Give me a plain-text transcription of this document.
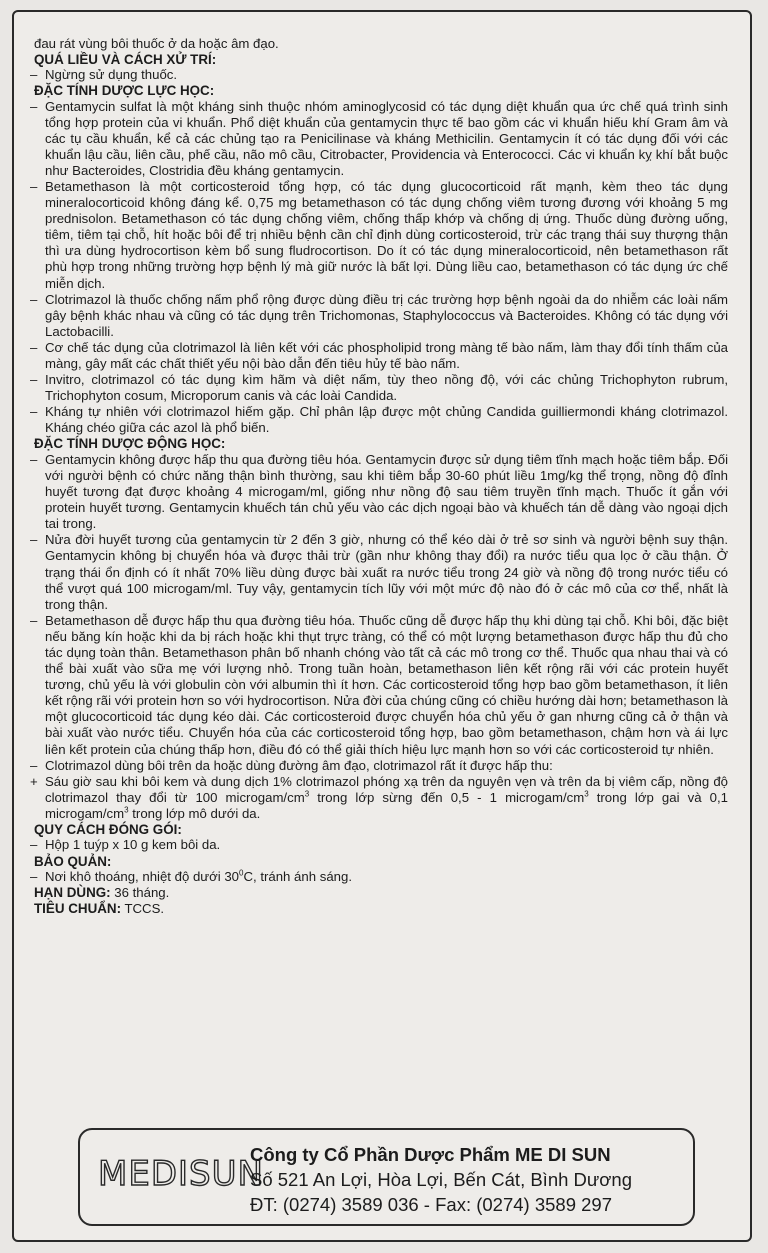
đau rát vùng bôi thuốc ở da hoặc âm đạo.
QUÁ LIỀU VÀ CÁCH XỬ TRÍ:
– Ngừng sử dụng thuốc.
ĐẶC TÍNH DƯỢC LỰC HỌC:
– Gentamycin sulfat là một kháng sinh thuộc nhóm aminoglycosid có tác dụng diệt khuẩn qua ức chế quá trình sinh tổng hợp protein của vi khuẩn. Phổ diệt khuẩn của gentamycin thực tế bao gồm các vi khuẩn hiếu khí Gram âm và các tụ cầu khuẩn, kể cả các chủng tạo ra Penicilinase và kháng Methicilin. Gentamycin ít có tác dụng đối với các khuẩn lậu cầu, liên cầu, phế cầu, não mô cầu, Citrobacter, Providencia và Enterococci. Các vi khuẩn kỵ khí bắt buộc như Bacteroides, Clostridia đều kháng gentamycin.
– Betamethason là một corticosteroid tổng hợp, có tác dụng glucocorticoid rất mạnh, kèm theo tác dụng mineralocorticoid không đáng kể. 0,75 mg betamethason có tác dụng chống viêm tương đương với khoảng 5 mg prednisolon. Betamethason có tác dụng chống viêm, chống thấp khớp và chống dị ứng. Thuốc dùng đường uống, tiêm, tiêm tại chỗ, hít hoặc bôi để trị nhiều bệnh cần chỉ định dùng corticosteroid, trừ các trạng thái suy thượng thận thì ưa dùng hydrocortison kèm bổ sung fludrocortison. Do ít có tác dụng mineralocorticoid, nên betamethason rất phù hợp trong những trường hợp bệnh lý mà giữ nước là bất lợi. Dùng liều cao, betamethason có tác dụng ức chế miễn dịch.
– Clotrimazol là thuốc chống nấm phổ rộng được dùng điều trị các trường hợp bệnh ngoài da do nhiễm các loài nấm gây bệnh khác nhau và cũng có tác dụng trên Trichomonas, Staphylococcus và Bacteroides. Không có tác dụng với Lactobacilli.
– Cơ chế tác dụng của clotrimazol là liên kết với các phospholipid trong màng tế bào nấm, làm thay đổi tính thấm của màng, gây mất các chất thiết yếu nội bào dẫn đến tiêu hủy tế bào nấm.
– Invitro, clotrimazol có tác dụng kìm hãm và diệt nấm, tùy theo nồng độ, với các chủng Trichophyton rubrum, Trichophyton cosum, Microporum canis và các loài Candida.
– Kháng tự nhiên với clotrimazol hiếm gặp. Chỉ phân lập được một chủng Candida guilliermondi kháng clotrimazol. Kháng chéo giữa các azol là phổ biến.
ĐẶC TÍNH DƯỢC ĐỘNG HỌC:
– Gentamycin không được hấp thu qua đường tiêu hóa. Gentamycin được sử dụng tiêm tĩnh mạch hoặc tiêm bắp. Đối với người bệnh có chức năng thận bình thường, sau khi tiêm bắp 30-60 phút liều 1mg/kg thể trọng, nồng độ đỉnh huyết tương đạt được khoảng 4 microgam/ml, giống như nồng độ sau tiêm truyền tĩnh mạch. Thuốc ít gắn với protein huyết tương. Gentamycin khuếch tán chủ yếu vào các dịch ngoại bào và khuếch tán dễ dàng vào ngoại dịch tai trong.
– Nửa đời huyết tương của gentamycin từ 2 đến 3 giờ, nhưng có thể kéo dài ở trẻ sơ sinh và người bệnh suy thận. Gentamycin không bị chuyển hóa và được thải trừ (gần như không thay đổi) ra nước tiểu qua lọc ở cầu thận. Ở trạng thái ổn định có ít nhất 70% liều dùng được bài xuất ra nước tiểu trong 24 giờ và nồng độ trong nước tiểu có thể vượt quá 100 microgam/ml. Tuy vậy, gentamycin tích lũy với một mức độ nào đó ở các mô của cơ thể, nhất là trong thận.
– Betamethason dễ được hấp thu qua đường tiêu hóa. Thuốc cũng dễ được hấp thụ khi dùng tại chỗ. Khi bôi, đặc biệt nếu băng kín hoặc khi da bị rách hoặc khi thụt trực tràng, có thể có một lượng betamethason được hấp thu đủ cho tác dụng toàn thân. Betamethason phân bố nhanh chóng vào tất cả các mô trong cơ thể. Thuốc qua nhau thai và có thể bài xuất vào sữa mẹ với lượng nhỏ. Trong tuần hoàn, betamethason liên kết rộng rãi với các protein huyết tương, chủ yếu là với globulin còn với albumin thì ít hơn. Các corticosteroid tổng hợp bao gồm betamethason, ít liên kết rộng rãi với protein hơn so với hydrocortison. Nửa đời của chúng cũng có chiều hướng dài hơn; betamethason là một glucocorticoid tác dụng kéo dài. Các corticosteroid được chuyển hóa chủ yếu ở gan nhưng cũng cả ở thận và bài xuất vào nước tiểu. Chuyển hóa của các corticosteroid tổng hợp, bao gồm betamethason, chậm hơn và ái lực liên kết protein của chúng thấp hơn, điều đó có thể giải thích hiệu lực mạnh hơn so với các corticosteroid tự nhiên.
– Clotrimazol dùng bôi trên da hoặc dùng đường âm đạo, clotrimazol rất ít được hấp thu:
+ Sáu giờ sau khi bôi kem và dung dịch 1% clotrimazol phóng xạ trên da nguyên vẹn và trên da bị viêm cấp, nồng độ clotrimazol thay đổi từ 100 microgam/$cm^3$ trong lớp sừng đến 0,5 - 1 microgam/$cm^3$ trong lớp gai và 0,1 microgam/$cm^3$ trong lớp mô dưới da.
QUY CÁCH ĐÓNG GÓI:
– Hộp 1 tuýp x 10 g kem bôi da.
BẢO QUẢN:
– Nơi khô thoáng, nhiệt độ dưới $30^0C$, tránh ánh sáng.
HẠN DÙNG: 36 tháng.
TIÊU CHUẨN: TCCS.
MEDISUN
Công ty Cổ Phần Dược Phẩm ME DI SUN
Số 521 An Lợi, Hòa Lợi, Bến Cát, Bình Dương
ĐT: (0274) 3589 036 - Fax: (0274) 3589 297
